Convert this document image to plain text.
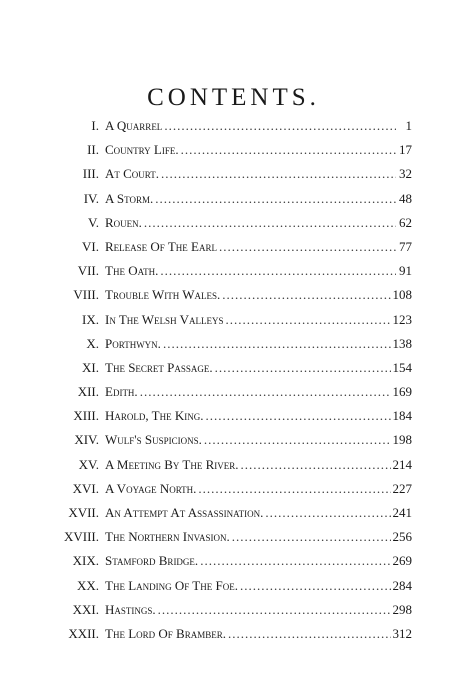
CONTENTS.
I. A Quarrel .....	1
II. Country Life. .....	17
III. At Court. .....	32
IV. A Storm. .....	48
V. Rouen. .....	62
VI. Release Of The Earl .....	77
VII. The Oath. .....	91
VIII. Trouble With Wales. .....	108
IX. In The Welsh Valleys .....	123
X. Porthwyn. .....	138
XI. The Secret Passage. .....	154
XII. Edith. .....	169
XIII. Harold, The King. .....	184
XIV. Wulf's Suspicions. .....	198
XV. A Meeting By The River. .....	214
XVI. A Voyage North. .....	227
XVII. An Attempt At Assassination. .....	241
XVIII. The Northern Invasion. .....	256
XIX. Stamford Bridge. .....	269
XX. The Landing Of The Foe. .....	284
XXI. Hastings. .....	298
XXII. The Lord Of Bramber. .....	312
